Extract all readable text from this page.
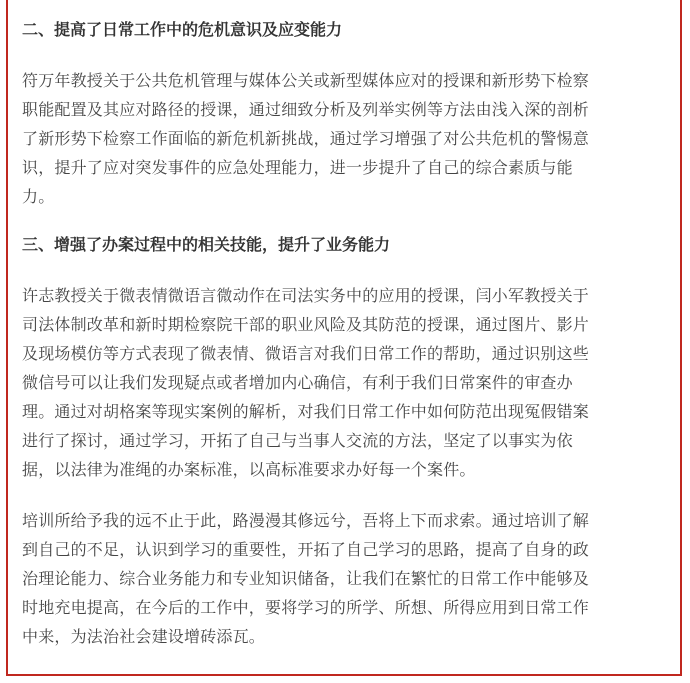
二、提高了日常工作中的危机意识及应变能力

符万年教授关于公共危机管理与媒体公关或新型媒体应对的授课和新形势下检察
职能配置及其应对路径的授课，通过细致分析及列举实例等方法由浅入深的剖析
了新形势下检察工作面临的新危机新挑战，通过学习增强了对公共危机的警惕意
识，提升了应对突发事件的应急处理能力，进一步提升了自己的综合素质与能
力。

三、增强了办案过程中的相关技能，提升了业务能力

许志教授关于微表情微语言微动作在司法实务中的应用的授课，闫小军教授关于
司法体制改革和新时期检察院干部的职业风险及其防范的授课，通过图片、影片
及现场模仿等方式表现了微表情、微语言对我们日常工作的帮助，通过识别这些
微信号可以让我们发现疑点或者增加内心确信，有利于我们日常案件的审查办
理。通过对胡格案等现实案例的解析，对我们日常工作中如何防范出现冤假错案
进行了探讨，通过学习，开拓了自己与当事人交流的方法，坚定了以事实为依
据，以法律为准绳的办案标准，以高标准要求办好每一个案件。

培训所给予我的远不止于此，路漫漫其修远兮，吾将上下而求索。通过培训了解
到自己的不足，认识到学习的重要性，开拓了自己学习的思路，提高了自身的政
治理论能力、综合业务能力和专业知识储备，让我们在繁忙的日常工作中能够及
时地充电提高，在今后的工作中，要将学习的所学、所想、所得应用到日常工作
中来，为法治社会建设增砖添瓦。
